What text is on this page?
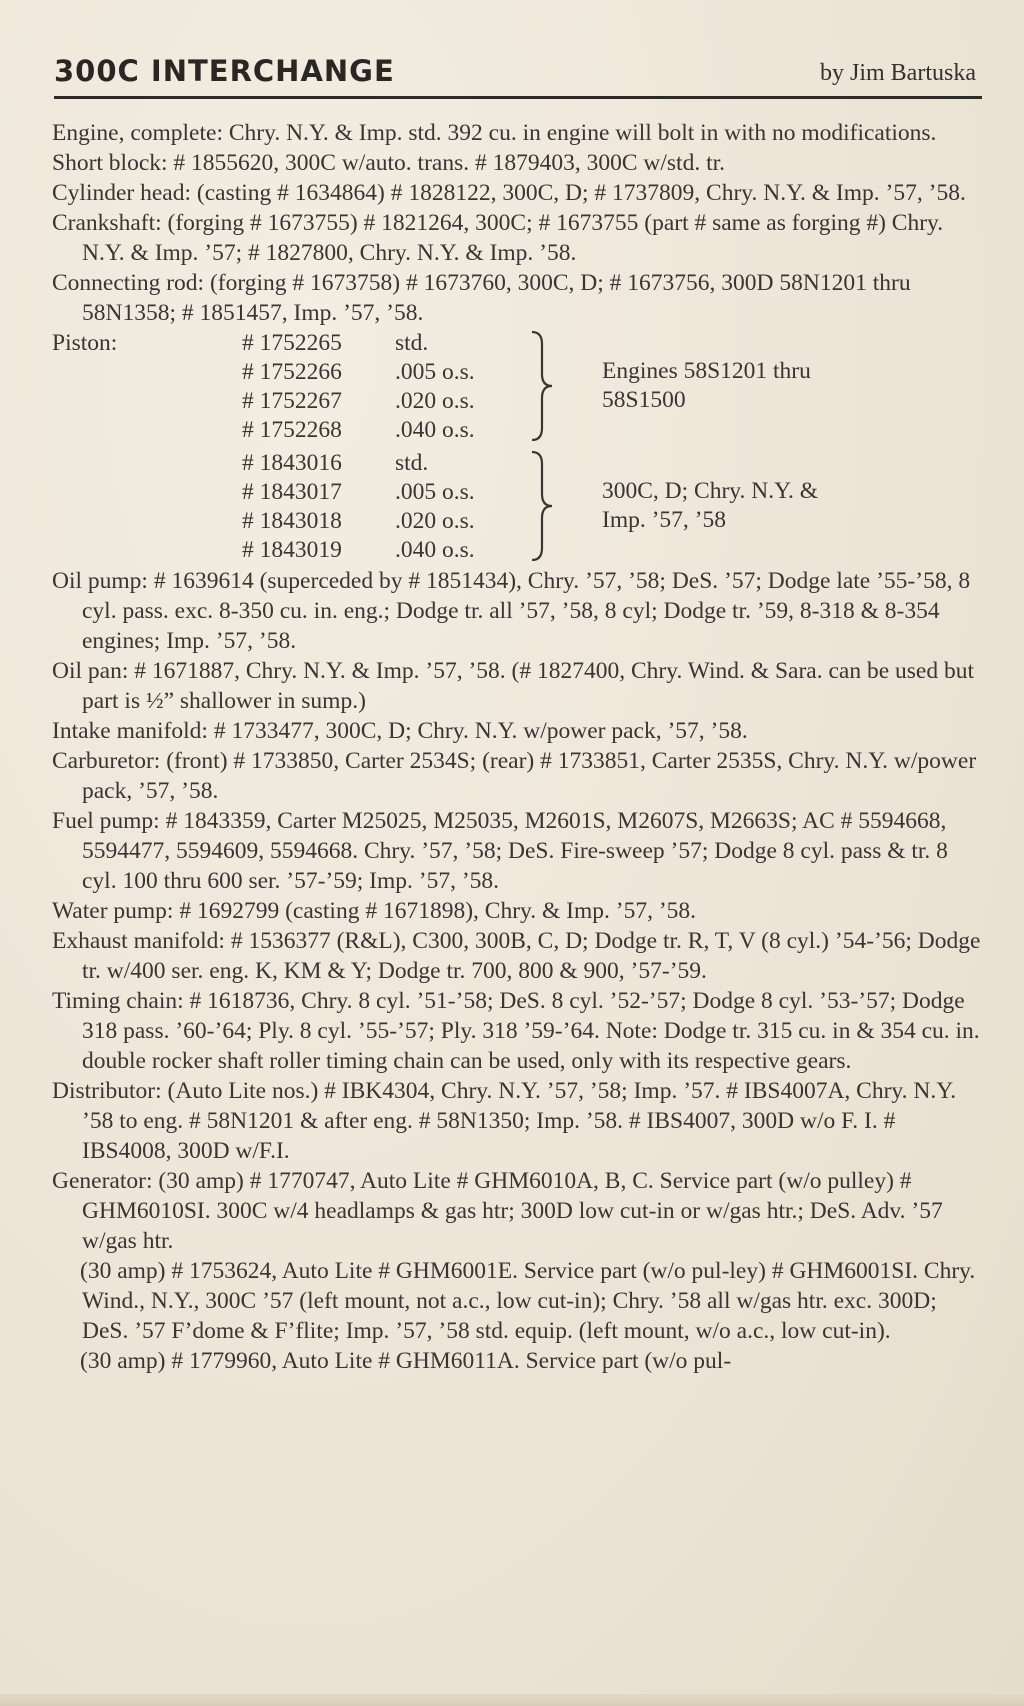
300C INTERCHANGE	by Jim Bartuska

Engine, complete: Chry. N.Y. & Imp. std. 392 cu. in engine will bolt in with no modifications.

Short block: # 1855620, 300C w/auto. trans. # 1879403, 300C w/std. tr.

Cylinder head: (casting # 1634864) # 1828122, 300C, D; # 1737809, Chry. N.Y. & Imp. ’57, ’58.

Crankshaft: (forging # 1673755) # 1821264, 300C; # 1673755 (part # same as forging #) Chry. N.Y. & Imp. ’57; # 1827800, Chry. N.Y. & Imp. ’58.

Connecting rod: (forging # 1673758) # 1673760, 300C, D; # 1673756, 300D 58N1201 thru 58N1358; # 1851457, Imp. ’57, ’58.

Piston:	# 1752265 std.
# 1752266 .005 o.s.
# 1752267 .020 o.s.
# 1752268 .040 o.s.
Engines 58S1201 thru
58S1500
# 1843016 std.
# 1843017 .005 o.s.
# 1843018 .020 o.s.
# 1843019 .040 o.s.
300C, D; Chry. N.Y. &
Imp. ’57, ’58

Oil pump: # 1639614 (superceded by # 1851434), Chry. ’57, ’58; DeS. ’57; Dodge late ’55-’58, 8 cyl. pass. exc. 8-350 cu. in. eng.; Dodge tr. all ’57, ’58, 8 cyl; Dodge tr. ’59, 8-318 & 8-354 engines; Imp. ’57, ’58.

Oil pan: # 1671887, Chry. N.Y. & Imp. ’57, ’58. (# 1827400, Chry. Wind. & Sara. can be used but part is ½” shallower in sump.)

Intake manifold: # 1733477, 300C, D; Chry. N.Y. w/power pack, ’57, ’58.

Carburetor: (front) # 1733850, Carter 2534S; (rear) # 1733851, Carter 2535S, Chry. N.Y. w/power pack, ’57, ’58.

Fuel pump: # 1843359, Carter M25025, M25035, M2601S, M2607S, M2663S; AC # 5594668, 5594477, 5594609, 5594668. Chry. ’57, ’58; DeS. Fire-sweep ’57; Dodge 8 cyl. pass & tr. 8 cyl. 100 thru 600 ser. ’57-’59; Imp. ’57, ’58.

Water pump: # 1692799 (casting # 1671898), Chry. & Imp. ’57, ’58.

Exhaust manifold: # 1536377 (R&L), C300, 300B, C, D; Dodge tr. R, T, V (8 cyl.) ’54-’56; Dodge tr. w/400 ser. eng. K, KM & Y; Dodge tr. 700, 800 & 900, ’57-’59.

Timing chain: # 1618736, Chry. 8 cyl. ’51-’58; DeS. 8 cyl. ’52-’57; Dodge 8 cyl. ’53-’57; Dodge 318 pass. ’60-’64; Ply. 8 cyl. ’55-’57; Ply. 318 ’59-’64. Note: Dodge tr. 315 cu. in & 354 cu. in. double rocker shaft roller timing chain can be used, only with its respective gears.

Distributor: (Auto Lite nos.) # IBK4304, Chry. N.Y. ’57, ’58; Imp. ’57. # IBS4007A, Chry. N.Y. ’58 to eng. # 58N1201 & after eng. # 58N1350; Imp. ’58. # IBS4007, 300D w/o F. I. # IBS4008, 300D w/F.I.

Generator: (30 amp) # 1770747, Auto Lite # GHM6010A, B, C. Service part (w/o pulley) # GHM6010SI. 300C w/4 headlamps & gas htr; 300D low cut-in or w/gas htr.; DeS. Adv. ’57 w/gas htr.

(30 amp) # 1753624, Auto Lite # GHM6001E. Service part (w/o pul-ley) # GHM6001SI. Chry. Wind., N.Y., 300C ’57 (left mount, not a.c., low cut-in); Chry. ’58 all w/gas htr. exc. 300D; DeS. ’57 F’dome & F’flite; Imp. ’57, ’58 std. equip. (left mount, w/o a.c., low cut-in).

(30 amp) # 1779960, Auto Lite # GHM6011A. Service part (w/o pul-
